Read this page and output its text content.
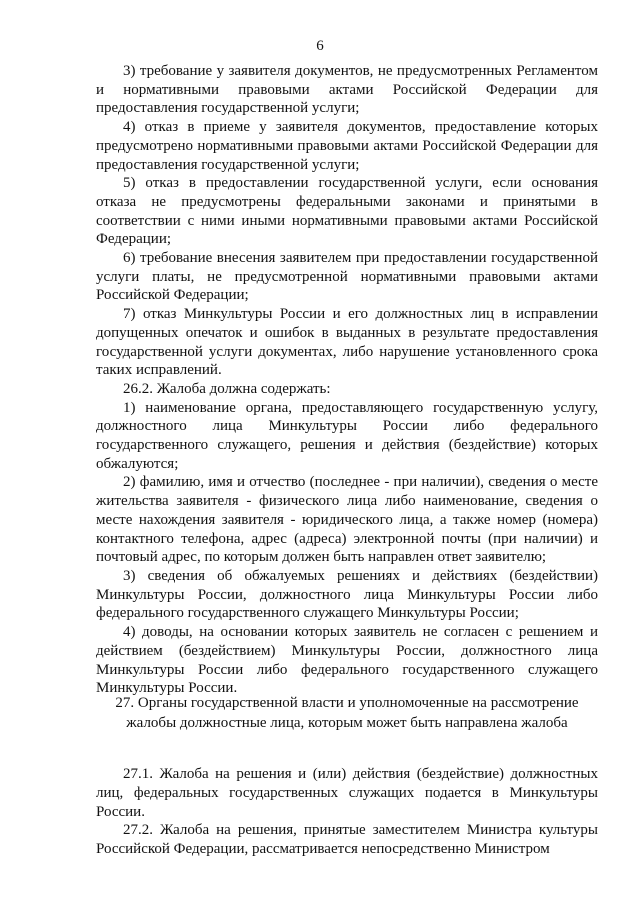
6

3) требование у заявителя документов, не предусмотренных Регламентом и нормативными правовыми актами Российской Федерации для предоставления государственной услуги;

4) отказ в приеме у заявителя документов, предоставление которых предусмотрено нормативными правовыми актами Российской Федерации для предоставления государственной услуги;

5) отказ в предоставлении государственной услуги, если основания отказа не предусмотрены федеральными законами и принятыми в соответствии с ними иными нормативными правовыми актами Российской Федерации;

6) требование внесения заявителем при предоставлении государственной услуги платы, не предусмотренной нормативными правовыми актами Российской Федерации;

7) отказ Минкультуры России и его должностных лиц в исправлении допущенных опечаток и ошибок в выданных в результате предоставления государственной услуги документах, либо нарушение установленного срока таких исправлений.

26.2. Жалоба должна содержать:

1) наименование органа, предоставляющего государственную услугу, должностного лица Минкультуры России либо федерального государственного служащего, решения и действия (бездействие) которых обжалуются;

2) фамилию, имя и отчество (последнее - при наличии), сведения о месте жительства заявителя - физического лица либо наименование, сведения о месте нахождения заявителя - юридического лица, а также номер (номера) контактного телефона, адрес (адреса) электронной почты (при наличии) и почтовый адрес, по которым должен быть направлен ответ заявителю;

3) сведения об обжалуемых решениях и действиях (бездействии) Минкультуры России, должностного лица Минкультуры России либо федерального государственного служащего Минкультуры России;

4) доводы, на основании которых заявитель не согласен с решением и действием (бездействием) Минкультуры России, должностного лица Минкультуры России либо федерального государственного служащего Минкультуры России.

27. Органы государственной власти и уполномоченные на рассмотрение жалобы должностные лица, которым может быть направлена жалоба

27.1. Жалоба на решения и (или) действия (бездействие) должностных лиц, федеральных государственных служащих подается в Минкультуры России.

27.2. Жалоба на решения, принятые заместителем Министра культуры Российской Федерации, рассматривается непосредственно Министром
